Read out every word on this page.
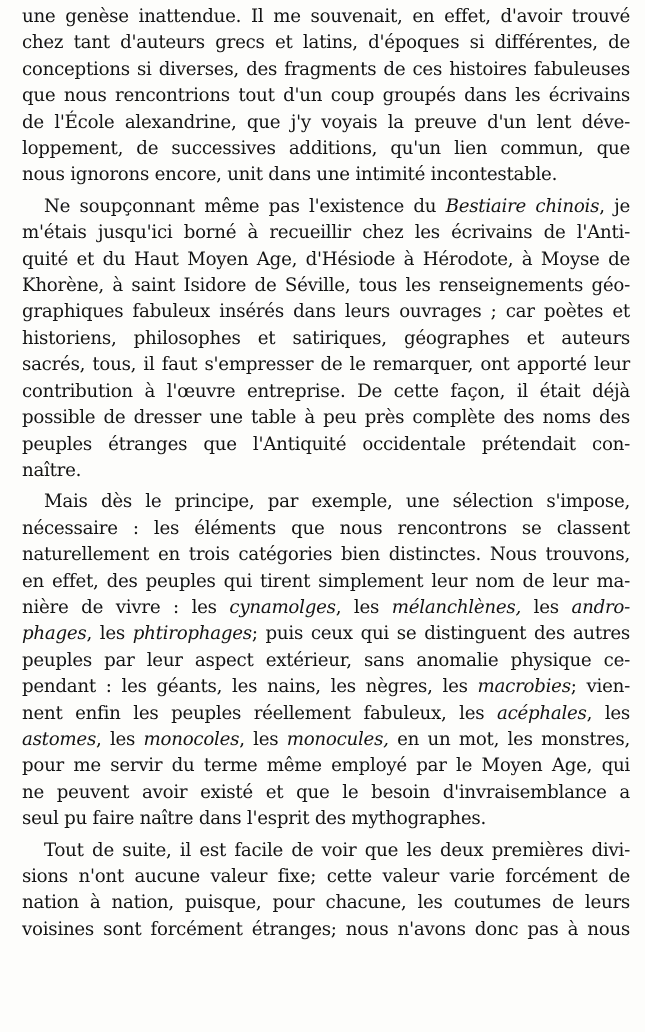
une genèse inattendue. Il me souvenait, en effet, d'avoir trouvé
chez tant d'auteurs grecs et latins, d'époques si différentes, de
conceptions si diverses, des fragments de ces histoires fabuleuses
que nous rencontrions tout d'un coup groupés dans les écrivains
de l'École alexandrine, que j'y voyais la preuve d'un lent déve-
loppement, de successives additions, qu'un lien commun, que
nous ignorons encore, unit dans une intimité incontestable.

Ne soupçonnant même pas l'existence du Bestiaire chinois, je
m'étais jusqu'ici borné à recueillir chez les écrivains de l'Anti-
quité et du Haut Moyen Age, d'Hésiode à Hérodote, à Moyse de
Khorène, à saint Isidore de Séville, tous les renseignements géo-
graphiques fabuleux insérés dans leurs ouvrages ; car poètes et
historiens, philosophes et satiriques, géographes et auteurs
sacrés, tous, il faut s'empresser de le remarquer, ont apporté leur
contribution à l'œuvre entreprise. De cette façon, il était déjà
possible de dresser une table à peu près complète des noms des
peuples étranges que l'Antiquité occidentale prétendait con-
naître.

Mais dès le principe, par exemple, une sélection s'impose,
nécessaire : les éléments que nous rencontrons se classent
naturellement en trois catégories bien distinctes. Nous trouvons,
en effet, des peuples qui tirent simplement leur nom de leur ma-
nière de vivre : les cynamolges, les mélanchlènes, les andro-
phages, les phtirophages; puis ceux qui se distinguent des autres
peuples par leur aspect extérieur, sans anomalie physique ce-
pendant : les géants, les nains, les nègres, les macrobies; vien-
nent enfin les peuples réellement fabuleux, les acéphales, les
astomes, les monocoles, les monocules, en un mot, les monstres,
pour me servir du terme même employé par le Moyen Age, qui
ne peuvent avoir existé et que le besoin d'invraisemblance a
seul pu faire naître dans l'esprit des mythographes.

Tout de suite, il est facile de voir que les deux premières divi-
sions n'ont aucune valeur fixe; cette valeur varie forcément de
nation à nation, puisque, pour chacune, les coutumes de leurs
voisines sont forcément étranges; nous n'avons donc pas à nous
